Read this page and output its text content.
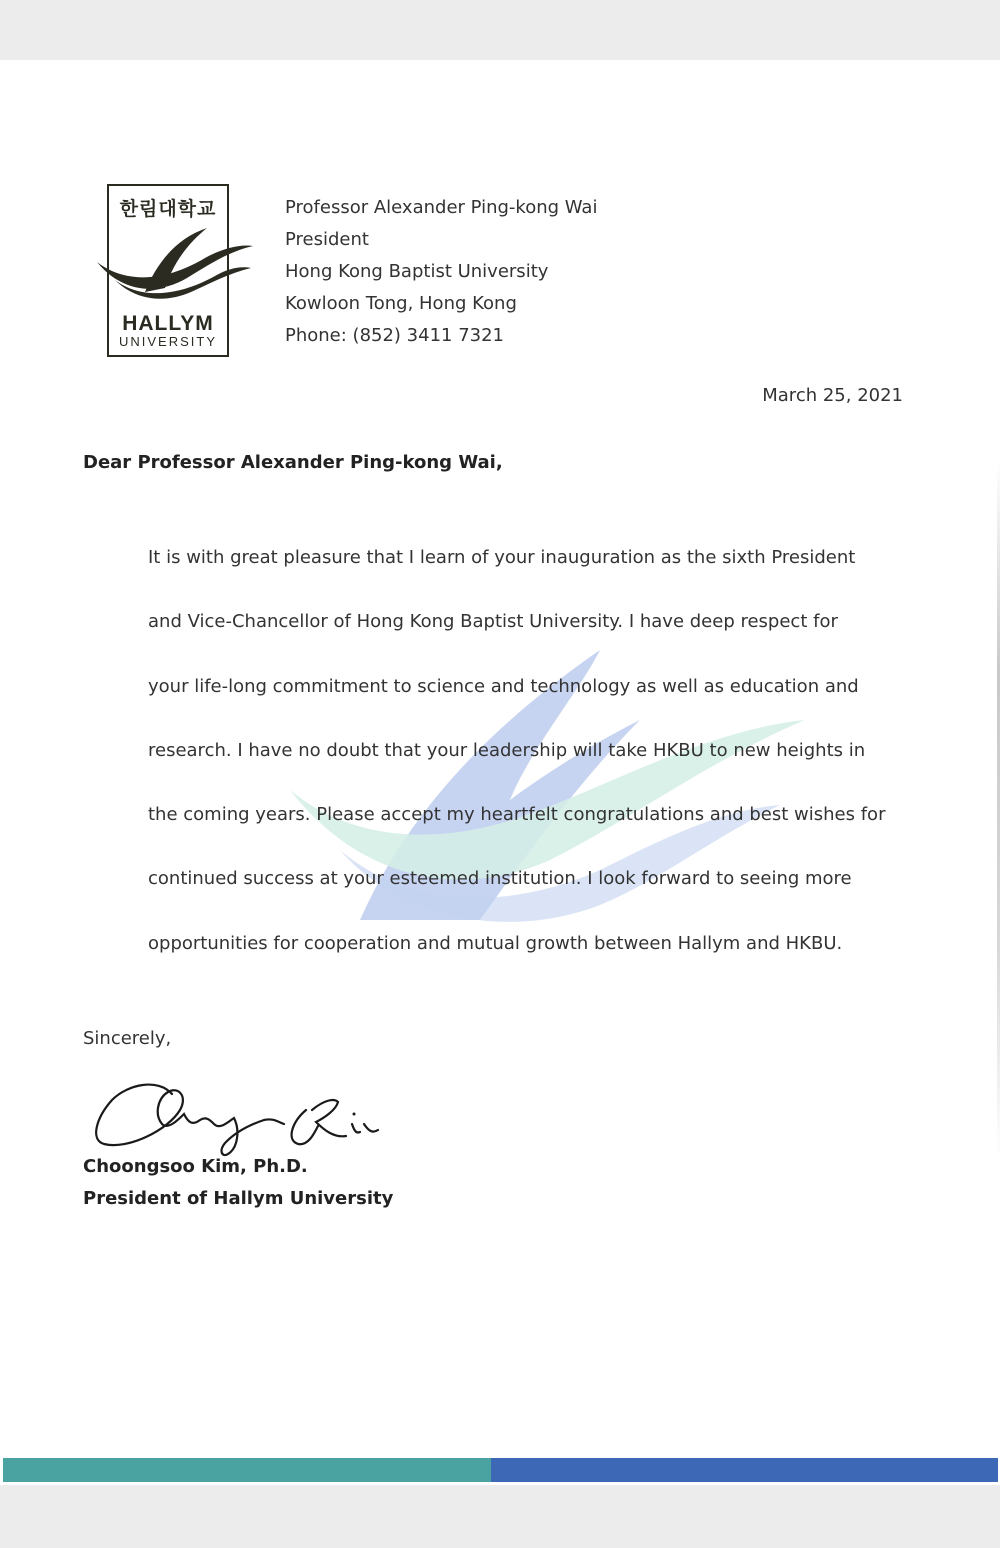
한림대학교
HALLYM
UNIVERSITY
Professor Alexander Ping-kong Wai
President
Hong Kong Baptist University
Kowloon Tong, Hong Kong
Phone: (852) 3411 7321
March 25, 2021
Dear Professor Alexander Ping-kong Wai,
It is with great pleasure that I learn of your inauguration as the sixth President
and Vice-Chancellor of Hong Kong Baptist University. I have deep respect for
your life-long commitment to science and technology as well as education and
research. I have no doubt that your leadership will take HKBU to new heights in
the coming years. Please accept my heartfelt congratulations and best wishes for
continued success at your esteemed institution. I look forward to seeing more
opportunities for cooperation and mutual growth between Hallym and HKBU.
Sincerely,
Choongsoo Kim, Ph.D.
President of Hallym University
